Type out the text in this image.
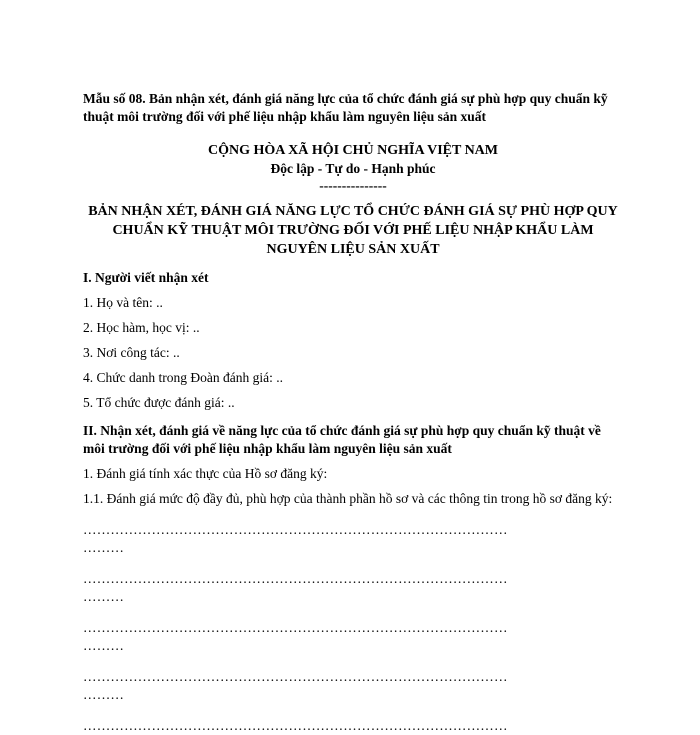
Mẫu số 08. Bản nhận xét, đánh giá năng lực của tổ chức đánh giá sự phù hợp quy chuẩn kỹ thuật môi trường đối với phế liệu nhập khẩu làm nguyên liệu sản xuất

CỘNG HÒA XÃ HỘI CHỦ NGHĨA VIỆT NAM

Độc lập - Tự do - Hạnh phúc

---------------

BẢN NHẬN XÉT, ĐÁNH GIÁ NĂNG LỰC TỔ CHỨC ĐÁNH GIÁ SỰ PHÙ HỢP QUY CHUẨN KỸ THUẬT MÔI TRƯỜNG ĐỐI VỚI PHẾ LIỆU NHẬP KHẨU LÀM NGUYÊN LIỆU SẢN XUẤT

I. Người viết nhận xét

1. Họ và tên: ..

2. Học hàm, học vị: ..

3. Nơi công tác: ..

4. Chức danh trong Đoàn đánh giá: ..

5. Tổ chức được đánh giá: ..

II. Nhận xét, đánh giá về năng lực của tổ chức đánh giá sự phù hợp quy chuẩn kỹ thuật về môi trường đối với phế liệu nhập khẩu làm nguyên liệu sản xuất

1. Đánh giá tính xác thực của Hồ sơ đăng ký:

1.1. Đánh giá mức độ đầy đủ, phù hợp của thành phần hồ sơ và các thông tin trong hồ sơ đăng ký:

…………………………………………………………………………………
………
…………………………………………………………………………………
………
…………………………………………………………………………………
………
…………………………………………………………………………………
………
…………………………………………………………………………………
